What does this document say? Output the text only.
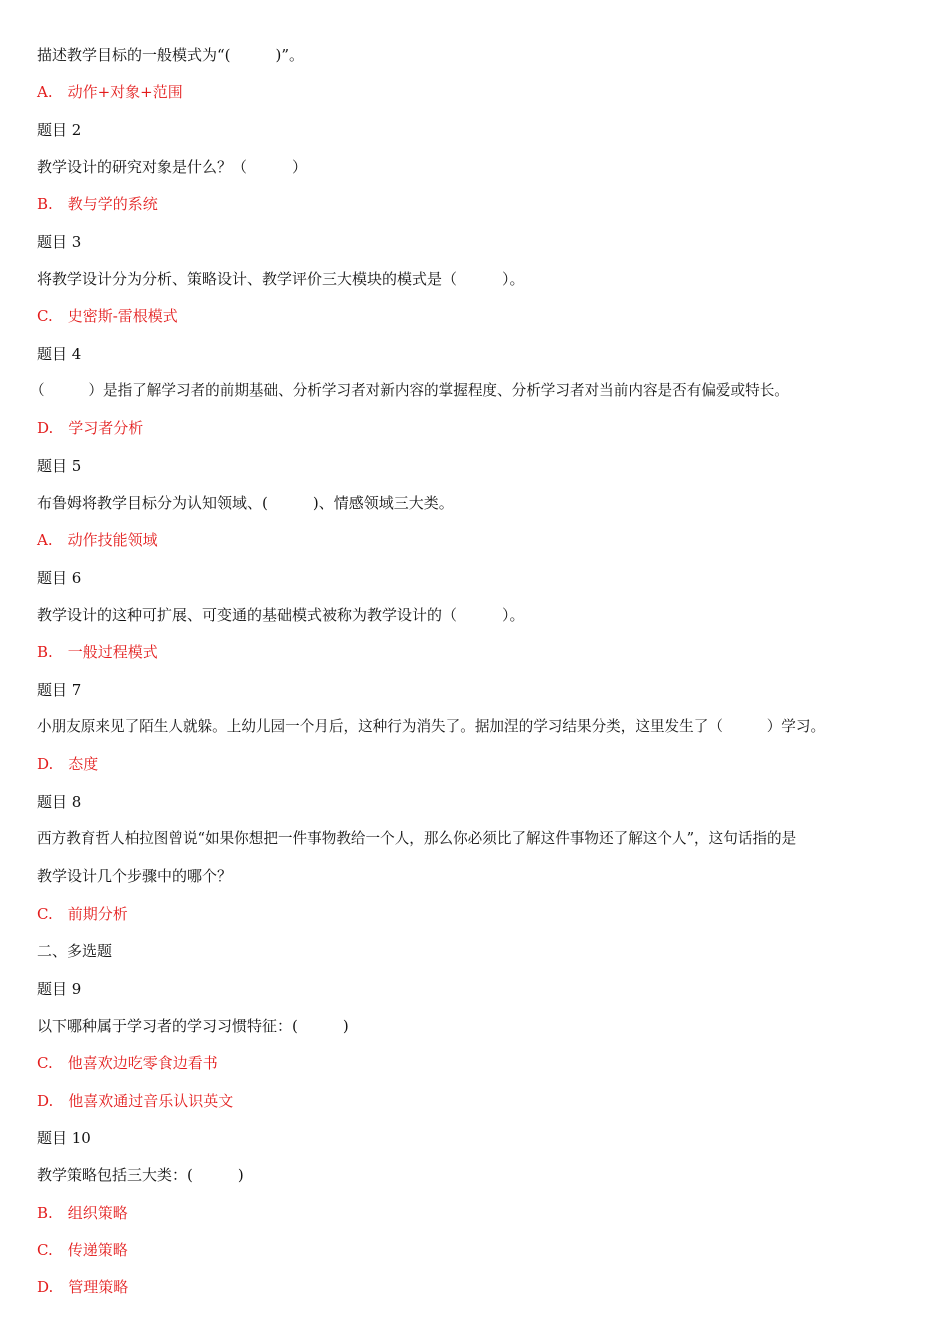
描述教学目标的一般模式为“(　　　)”。
A.　动作+对象+范围
题目 2
教学设计的研究对象是什么？（　　　）
B.　教与学的系统
题目 3
将教学设计分为分析、策略设计、教学评价三大模块的模式是（　　　）。
C.　史密斯-雷根模式
题目 4
（　　　）是指了解学习者的前期基础、分析学习者对新内容的掌握程度、分析学习者对当前内容是否有偏爱或特长。
D.　学习者分析
题目 5
布鲁姆将教学目标分为认知领域、(　　　)、情感领域三大类。
A.　动作技能领域
题目 6
教学设计的这种可扩展、可变通的基础模式被称为教学设计的（　　　）。
B.　一般过程模式
题目 7
小朋友原来见了陌生人就躲。上幼儿园一个月后，这种行为消失了。据加涅的学习结果分类，这里发生了（　　　）学习。
D.　态度
题目 8
西方教育哲人柏拉图曾说“如果你想把一件事物教给一个人，那么你必须比了解这件事物还了解这个人”，这句话指的是
教学设计几个步骤中的哪个？
C.　前期分析
二、多选题
题目 9
以下哪种属于学习者的学习习惯特征：(　　　)
C.　他喜欢边吃零食边看书
D.　他喜欢通过音乐认识英文
题目 10
教学策略包括三大类：(　　　)
B.　组织策略
C.　传递策略
D.　管理策略
